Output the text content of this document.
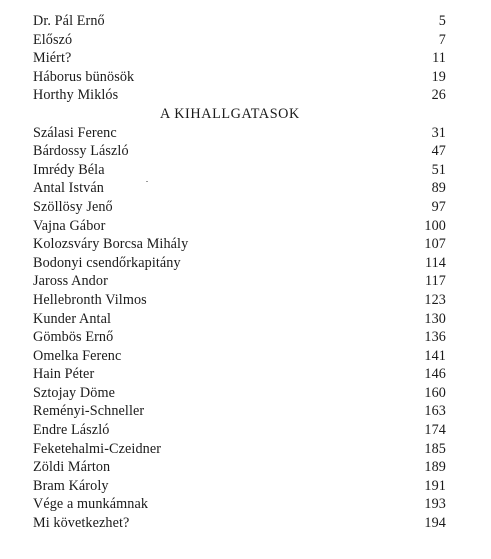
Dr. Pál Ernő	5
Előszó	7
Miért?	11
Háborus bünösök	19
Horthy Miklós	26
A KIHALLGATASOK
Szálasi Ferenc	31
Bárdossy László	47
Imrédy Béla	51
Antal István	89
Szöllösy Jenő	97
Vajna Gábor	100
Kolozsváry Borcsa Mihály	107
Bodonyi csendőrkapitány	114
Jaross Andor	117
Hellebronth Vilmos	123
Kunder Antal	130
Gömbös Ernő	136
Omelka Ferenc	141
Hain Péter	146
Sztojay Döme	160
Reményi-Schneller	163
Endre László	174
Feketehalmi-Czeidner	185
Zöldi Márton	189
Bram Károly	191
Vége a munkámnak	193
Mi következhet?	194
